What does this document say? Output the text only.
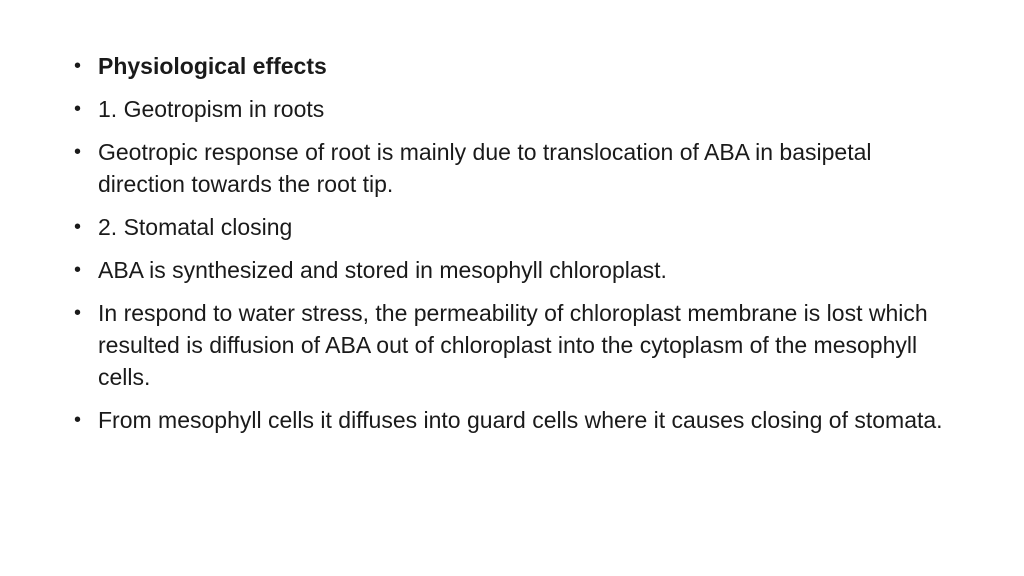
• Physiological effects
• 1. Geotropism in roots
• Geotropic response of root is mainly due to translocation of ABA in basipetal direction towards the root tip.
• 2. Stomatal closing
• ABA is synthesized and stored in mesophyll chloroplast.
• In respond to water stress, the permeability of chloroplast membrane is lost which resulted is diffusion of ABA out of chloroplast into the cytoplasm of the mesophyll cells.
• From mesophyll cells it diffuses into guard cells where it causes closing of stomata.
